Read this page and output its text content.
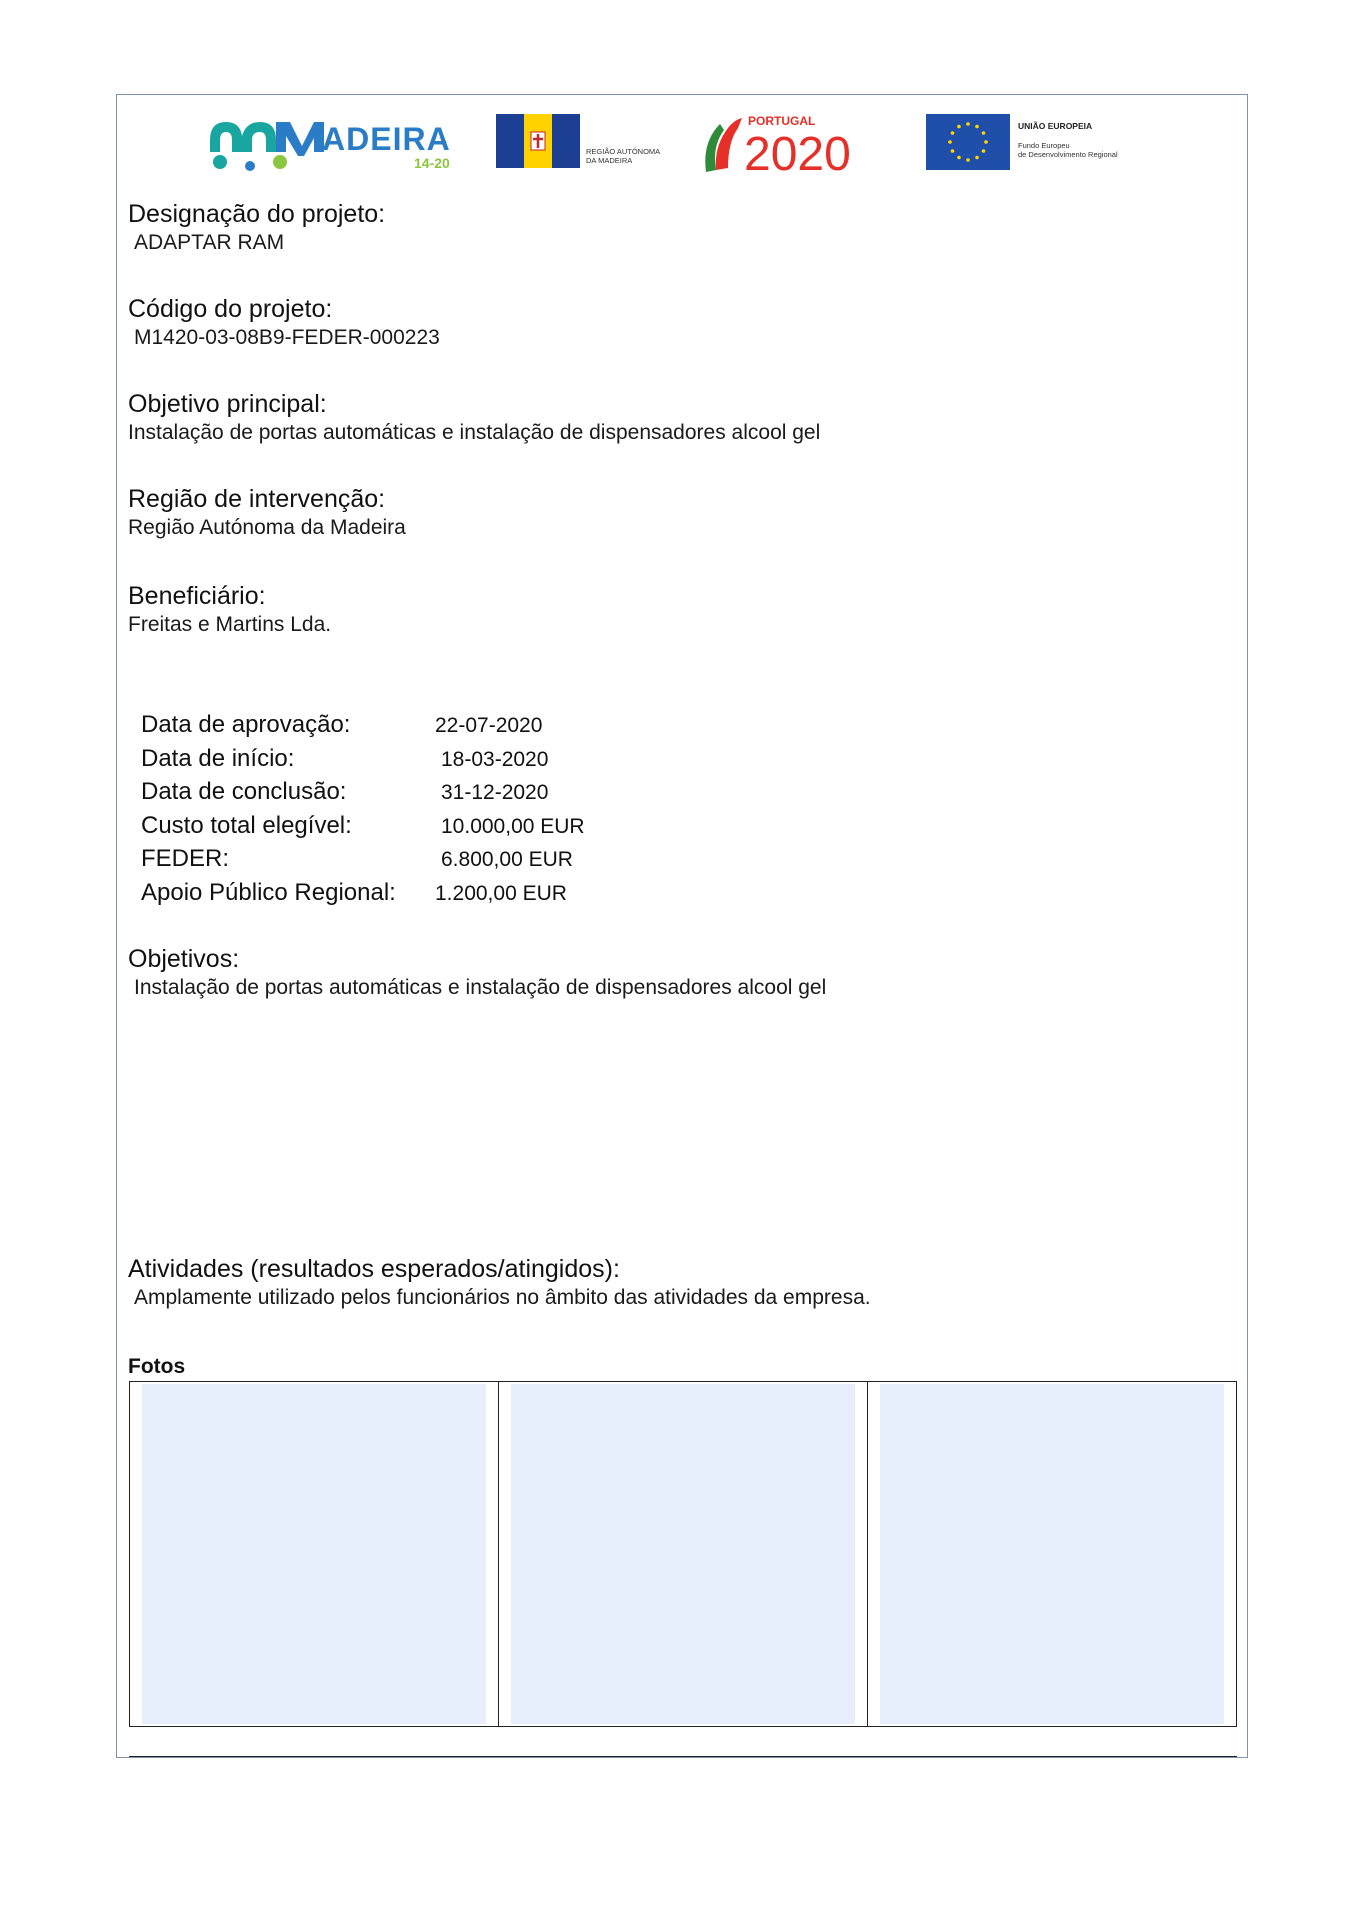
ADEIRA
14-20
REGIÃO AUTÓNOMA
DA MADEIRA
PORTUGAL
2020
UNIÃO EUROPEIA
Fundo Europeu
de Desenvolvimento Regional
Designação do projeto:
ADAPTAR RAM
Código do projeto:
M1420-03-08B9-FEDER-000223
Objetivo principal:
Instalação de portas automáticas e instalação de dispensadores alcool gel
Região de intervenção:
Região Autónoma da Madeira
Beneficiário:
Freitas e Martins Lda.
Data de aprovação:	22-07-2020
Data de início:	18-03-2020
Data de conclusão:	31-12-2020
Custo total elegível:	10.000,00 EUR
FEDER:	6.800,00 EUR
Apoio Público Regional: 1.200,00 EUR
Objetivos:
Instalação de portas automáticas e instalação de dispensadores alcool gel
Atividades (resultados esperados/atingidos):
Amplamente utilizado pelos funcionários no âmbito das atividades da empresa.
Fotos
